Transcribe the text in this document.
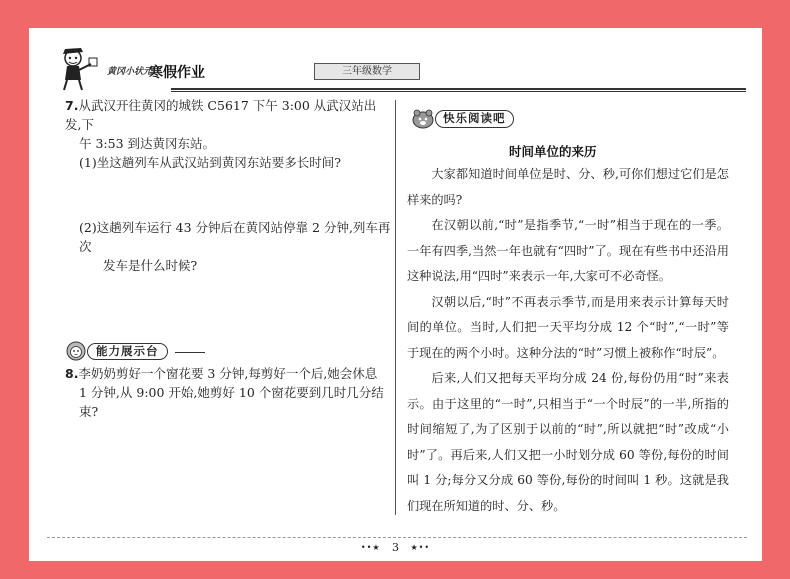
黄冈小状元
寒假作业	三年级数学
7.从武汉开往黄冈的城铁 C5617 下午 3:00 从武汉站出发,下
午 3:53 到达黄冈东站。
(1)坐这趟列车从武汉站到黄冈东站要多长时间?
(2)这趟列车运行 43 分钟后在黄冈站停靠 2 分钟,列车再次
发车是什么时候?
能力展示台
8.李奶奶剪好一个窗花要 3 分钟,每剪好一个后,她会休息
1 分钟,从 9:00 开始,她剪好 10 个窗花要到几时几分结束?
快乐阅读吧
时间单位的来历

大家都知道时间单位是时、分、秒,可你们想过它们是怎样来的吗?

在汉朝以前,“时”是指季节,“一时”相当于现在的一季。一年有四季,当然一年也就有“四时”了。现在有些书中还沿用这种说法,用“四时”来表示一年,大家可不必奇怪。

汉朝以后,“时”不再表示季节,而是用来表示计算每天时间的单位。当时,人们把一天平均分成 12 个“时”,“一时”等于现在的两个小时。这种分法的“时”习惯上被称作“时辰”。

后来,人们又把每天平均分成 24 份,每份仍用“时”来表示。由于这里的“一时”,只相当于“一个时辰”的一半,所指的时间缩短了,为了区别于以前的“时”,所以就把“时”改成“小时”了。再后来,人们又把一小时划分成 60 等份,每份的时间叫 1 分;每分又分成 60 等份,每份的时间叫 1 秒。这就是我们现在所知道的时、分、秒。

••★ 3 ★••
